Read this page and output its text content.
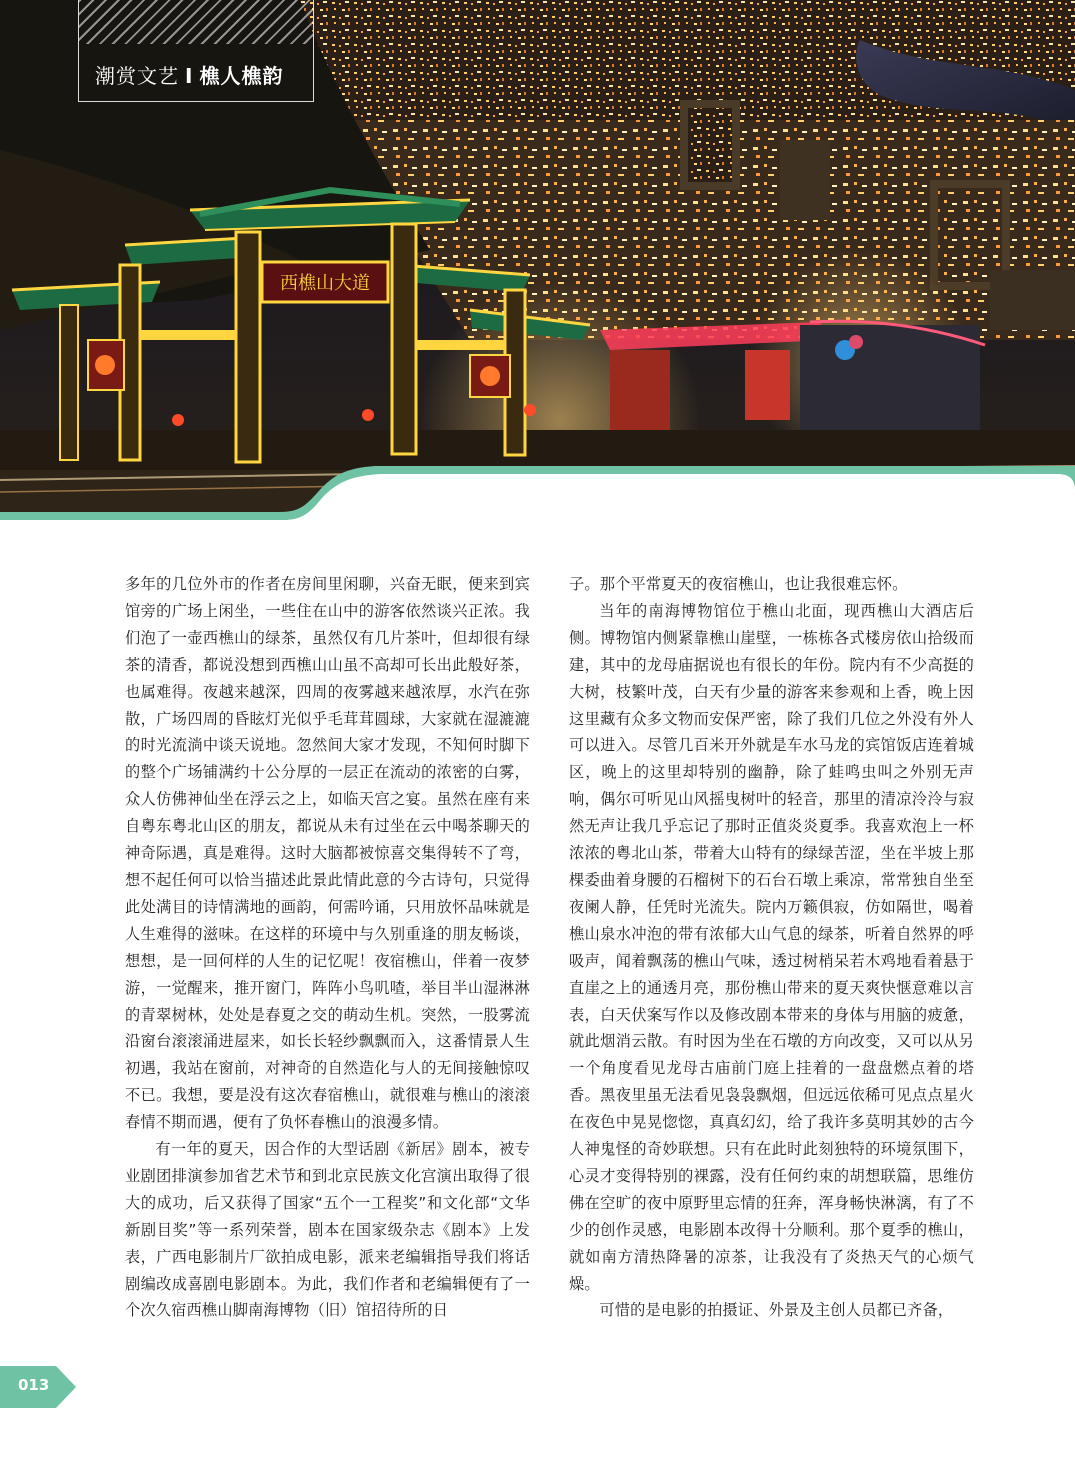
西樵山大道
潮赏文艺 I 樵人樵韵

多年的几位外市的作者在房间里闲聊，兴奋无眠，便来到宾馆旁的广场上闲坐，一些住在山中的游客依然谈兴正浓。我们泡了一壶西樵山的绿茶，虽然仅有几片茶叶，但却很有绿茶的清香，都说没想到西樵山山虽不高却可长出此般好茶，也属难得。夜越来越深，四周的夜雾越来越浓厚，水汽在弥散，广场四周的昏眩灯光似乎毛茸茸圆球，大家就在湿漉漉的时光流淌中谈天说地。忽然间大家才发现，不知何时脚下的整个广场铺满约十公分厚的一层正在流动的浓密的白雾，众人仿佛神仙坐在浮云之上，如临天宫之宴。虽然在座有来自粤东粤北山区的朋友，都说从未有过坐在云中喝茶聊天的神奇际遇，真是难得。这时大脑都被惊喜交集得转不了弯，想不起任何可以恰当描述此景此情此意的今古诗句，只觉得此处满目的诗情满地的画韵，何需吟诵，只用放怀品味就是人生难得的滋味。在这样的环境中与久别重逢的朋友畅谈，想想，是一回何样的人生的记忆呢！夜宿樵山，伴着一夜梦游，一觉醒来，推开窗门，阵阵小鸟叽喳，举目半山湿淋淋的青翠树林，处处是春夏之交的萌动生机。突然，一股雾流沿窗台滚滚涌进屋来，如长长轻纱飘飘而入，这番情景人生初遇，我站在窗前，对神奇的自然造化与人的无间接触惊叹不已。我想，要是没有这次春宿樵山，就很难与樵山的滚滚春情不期而遇，便有了负怀春樵山的浪漫多情。

有一年的夏天，因合作的大型话剧《新居》剧本，被专业剧团排演参加省艺术节和到北京民族文化宫演出取得了很大的成功，后又获得了国家“五个一工程奖”和文化部“文华新剧目奖”等一系列荣誉，剧本在国家级杂志《剧本》上发表，广西电影制片厂欲拍成电影，派来老编辑指导我们将话剧编改成喜剧电影剧本。为此，我们作者和老编辑便有了一个次久宿西樵山脚南海博物（旧）馆招待所的日

子。那个平常夏天的夜宿樵山，也让我很难忘怀。

当年的南海博物馆位于樵山北面，现西樵山大酒店后侧。博物馆内侧紧靠樵山崖壁，一栋栋各式楼房依山拾级而建，其中的龙母庙据说也有很长的年份。院内有不少高挺的大树，枝繁叶茂，白天有少量的游客来参观和上香，晚上因这里藏有众多文物而安保严密，除了我们几位之外没有外人可以进入。尽管几百米开外就是车水马龙的宾馆饭店连着城区，晚上的这里却特别的幽静，除了蛙鸣虫叫之外别无声响，偶尔可听见山风摇曳树叶的轻音，那里的清凉泠泠与寂然无声让我几乎忘记了那时正值炎炎夏季。我喜欢泡上一杯浓浓的粤北山茶，带着大山特有的绿绿苦涩，坐在半坡上那棵委曲着身腰的石榴树下的石台石墩上乘凉，常常独自坐至夜阑人静，任凭时光流失。院内万籁俱寂，仿如隔世，喝着樵山泉水冲泡的带有浓郁大山气息的绿茶，听着自然界的呼吸声，闻着飘荡的樵山气味，透过树梢呆若木鸡地看着悬于直崖之上的通透月亮，那份樵山带来的夏天爽快惬意难以言表，白天伏案写作以及修改剧本带来的身体与用脑的疲惫，就此烟消云散。有时因为坐在石墩的方向改变，又可以从另一个角度看见龙母古庙前门庭上挂着的一盘盘燃点着的塔香。黑夜里虽无法看见袅袅飘烟，但远远依稀可见点点星火在夜色中晃晃惚惚，真真幻幻，给了我许多莫明其妙的古今人神鬼怪的奇妙联想。只有在此时此刻独特的环境氛围下，心灵才变得特别的裸露，没有任何约束的胡想联篇，思维仿佛在空旷的夜中原野里忘情的狂奔，浑身畅快淋漓，有了不少的创作灵感，电影剧本改得十分顺利。那个夏季的樵山，就如南方清热降暑的凉茶，让我没有了炎热天气的心烦气燥。

可惜的是电影的拍摄证、外景及主创人员都已齐备，

013
